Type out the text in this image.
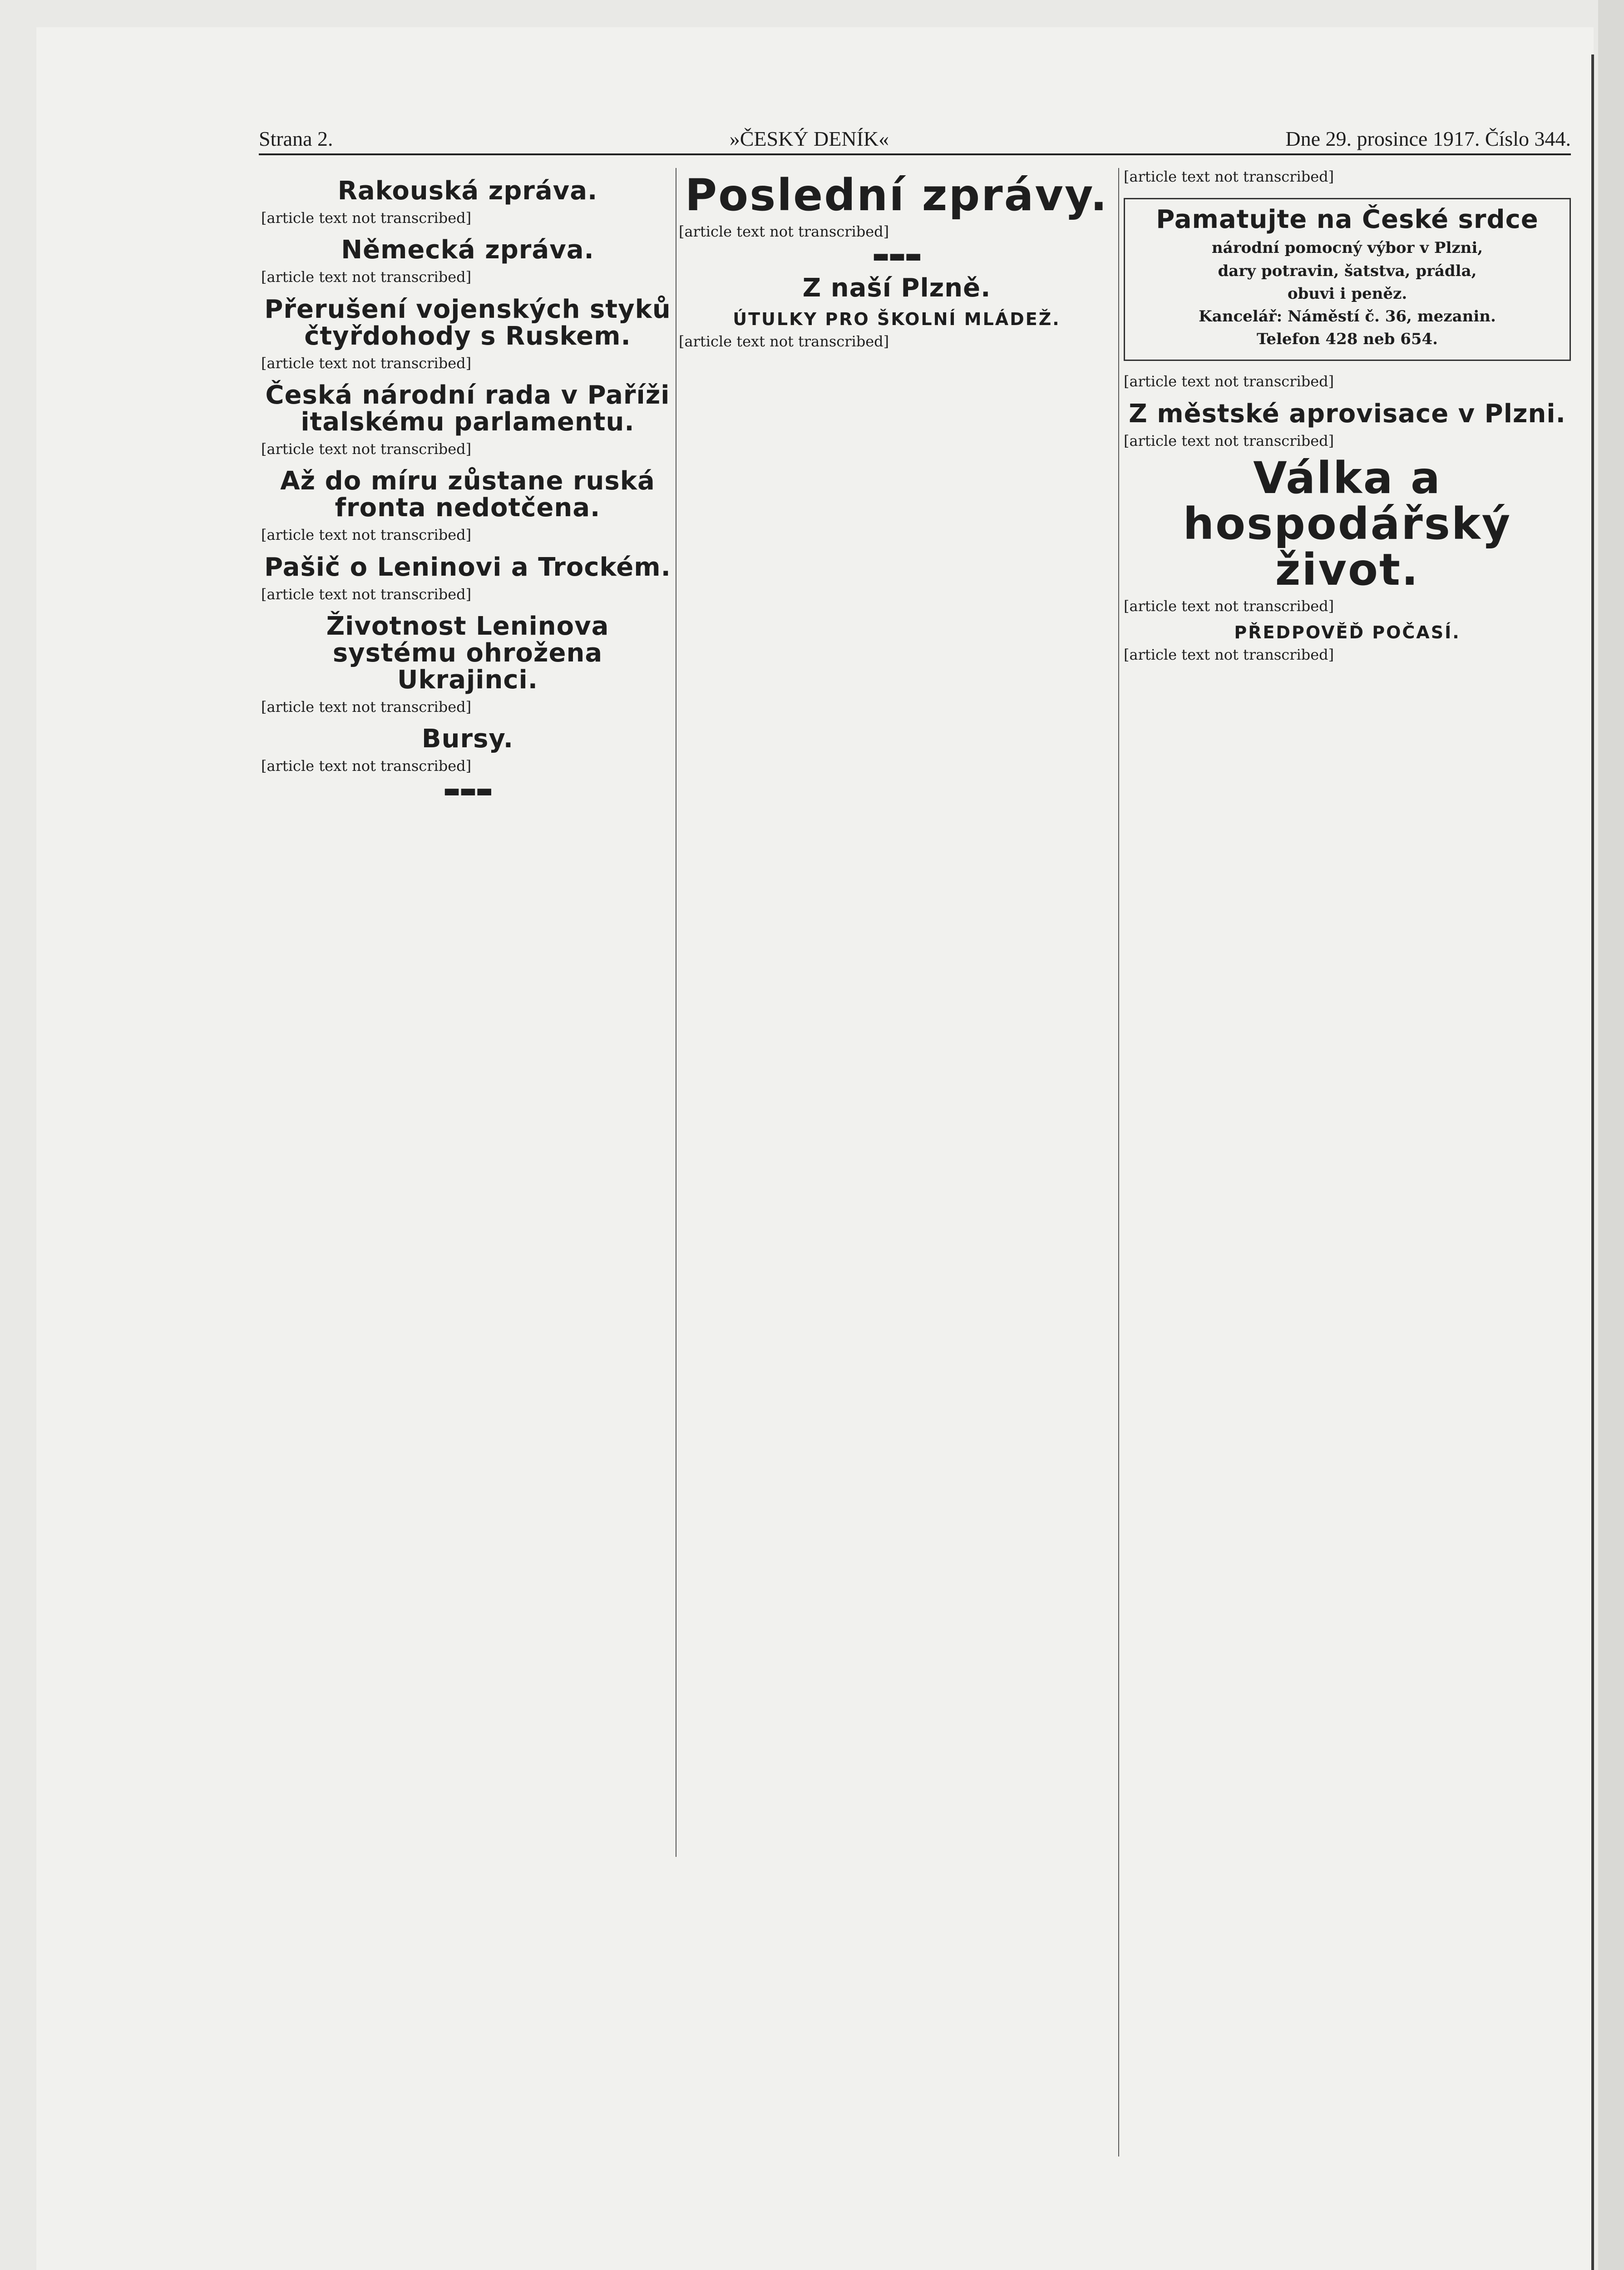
Strana 2.	»ČESKÝ DENÍK«	Dne 29. prosince 1917. Číslo 344.
Rakouská zpráva.

[article text not transcribed]

Německá zpráva.

[article text not transcribed]

Přerušení vojenských styků čtyřdohody s Ruskem.

[article text not transcribed]

Česká národní rada v Paříži italskému parlamentu.

[article text not transcribed]

Až do míru zůstane ruská fronta nedotčena.

[article text not transcribed]

Pašič o Leninovi a Trockém.

[article text not transcribed]

Životnost Leninova systému ohrožena Ukrajinci.

[article text not transcribed]

Bursy.

[article text not transcribed]

▬▬▬
Poslední zprávy.

[article text not transcribed]

▬▬▬
Z naší Plzně.
ÚTULKY PRO ŠKOLNÍ MLÁDEŽ.

[article text not transcribed]

[article text not transcribed]

Pamatujte na České srdce

národní pomocný výbor v Plzni,

dary potravin, šatstva, prádla,

obuvi i peněz.

Kancelář: Náměstí č. 36, mezanin.

Telefon 428 neb 654.

[article text not transcribed]

Z městské aprovisace v Plzni.

[article text not transcribed]

Válka a hospodářský život.

[article text not transcribed]

PŘEDPOVĚĎ POČASÍ.

[article text not transcribed]
